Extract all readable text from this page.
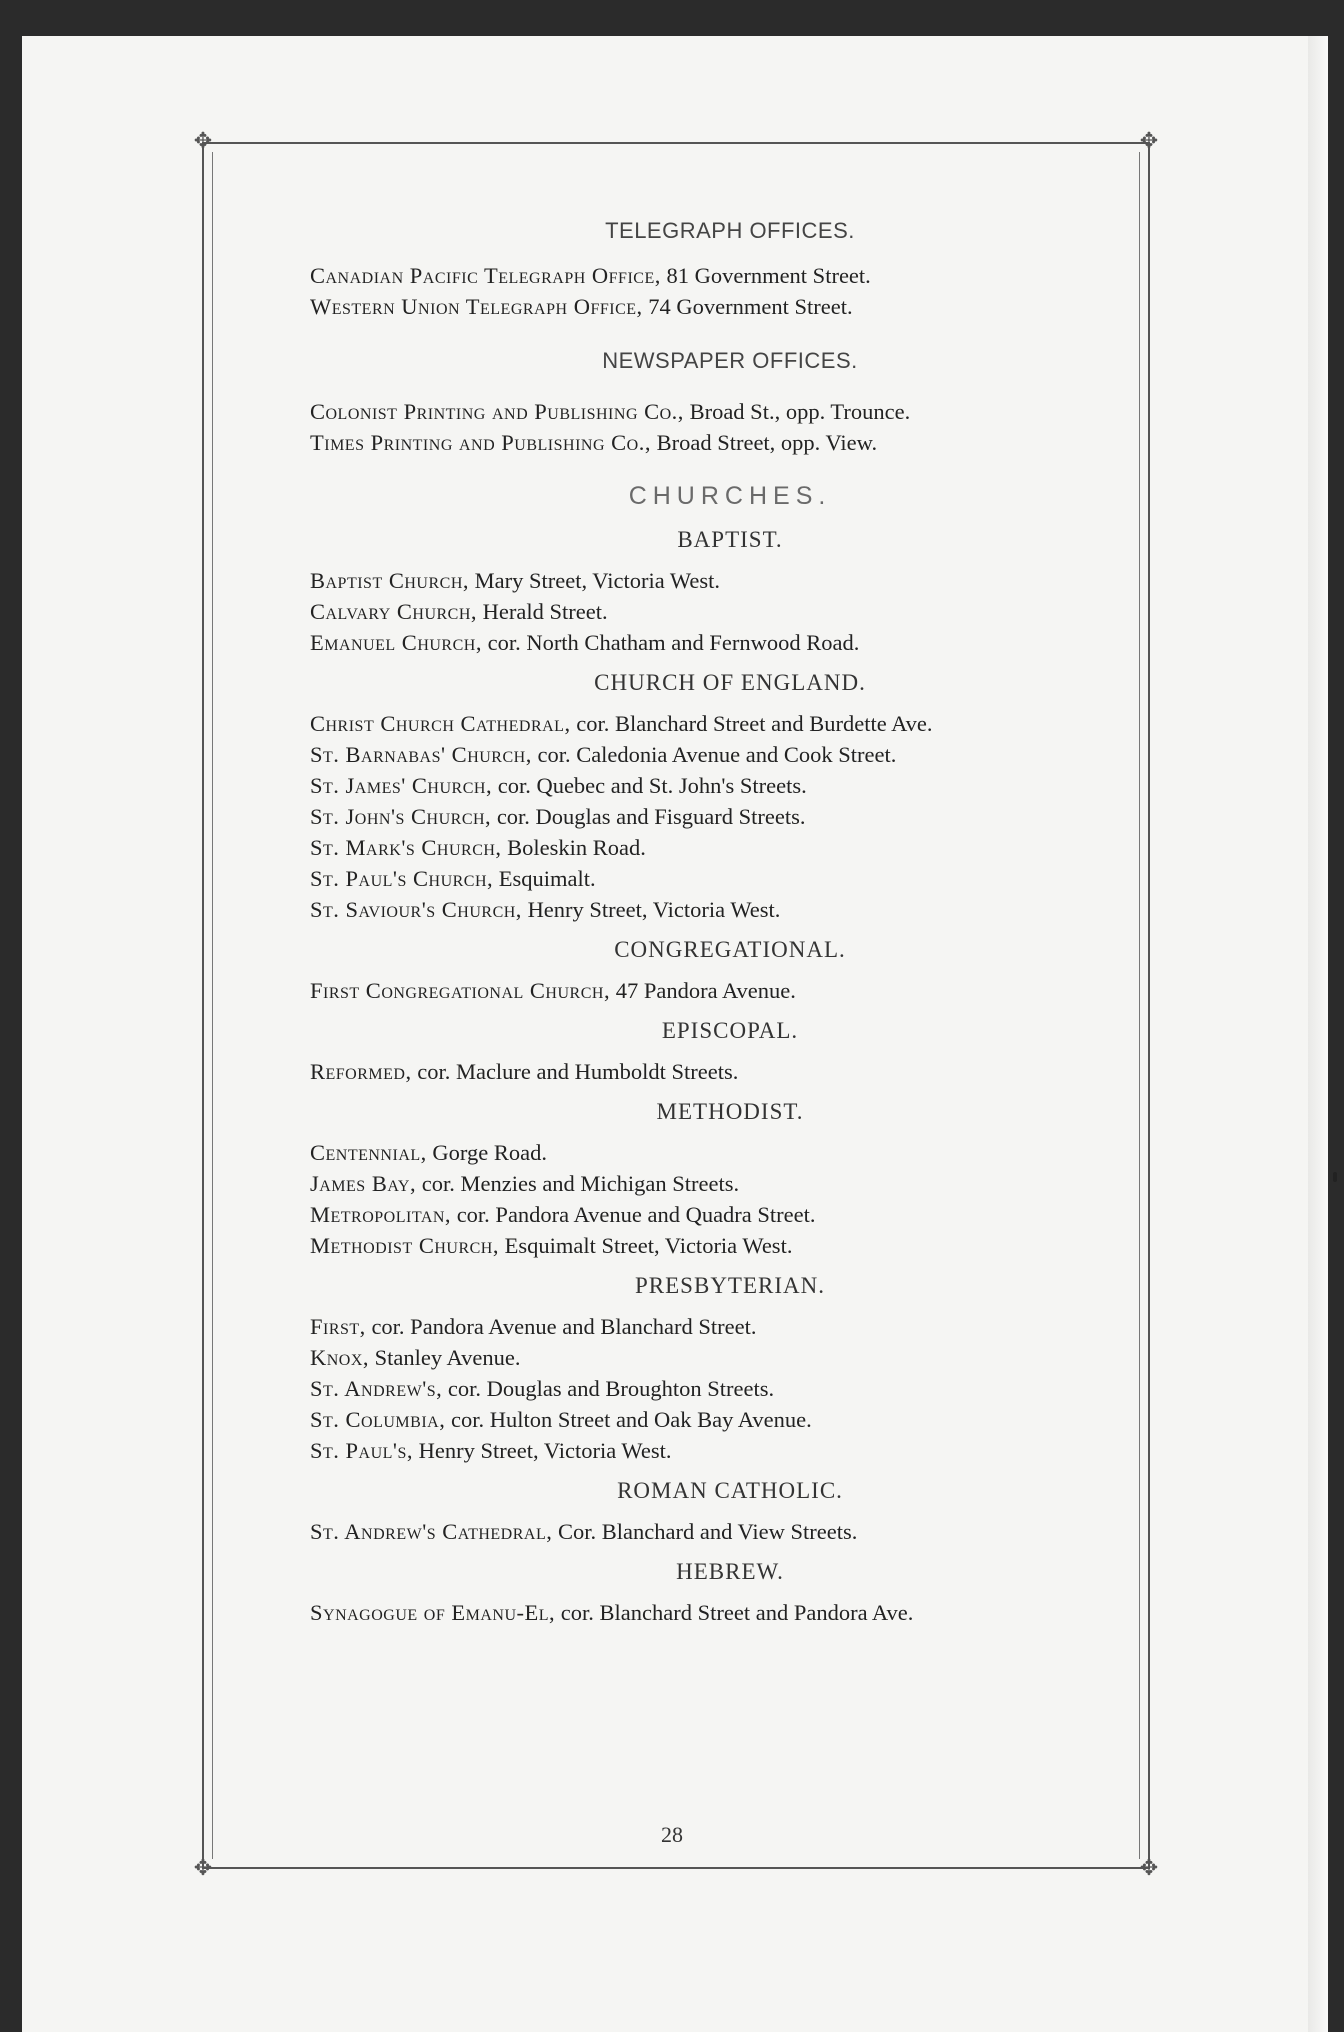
✥	✥
✥	✥

TELEGRAPH OFFICES.

Canadian Pacific Telegraph Office, 81 Government Street.
Western Union Telegraph Office, 74 Government Street.

NEWSPAPER OFFICES.

Colonist Printing and Publishing Co., Broad St., opp. Trounce.
Times Printing and Publishing Co., Broad Street, opp. View.

CHURCHES.

BAPTIST.

Baptist Church, Mary Street, Victoria West.
Calvary Church, Herald Street.
Emanuel Church, cor. North Chatham and Fernwood Road.

CHURCH OF ENGLAND.

Christ Church Cathedral, cor. Blanchard Street and Burdette Ave.
St. Barnabas' Church, cor. Caledonia Avenue and Cook Street.
St. James' Church, cor. Quebec and St. John's Streets.
St. John's Church, cor. Douglas and Fisguard Streets.
St. Mark's Church, Boleskin Road.
St. Paul's Church, Esquimalt.
St. Saviour's Church, Henry Street, Victoria West.

CONGREGATIONAL.

First Congregational Church, 47 Pandora Avenue.

EPISCOPAL.

Reformed, cor. Maclure and Humboldt Streets.

METHODIST.

Centennial, Gorge Road.
James Bay, cor. Menzies and Michigan Streets.
Metropolitan, cor. Pandora Avenue and Quadra Street.
Methodist Church, Esquimalt Street, Victoria West.

PRESBYTERIAN.

First, cor. Pandora Avenue and Blanchard Street.
Knox, Stanley Avenue.
St. Andrew's, cor. Douglas and Broughton Streets.
St. Columbia, cor. Hulton Street and Oak Bay Avenue.
St. Paul's, Henry Street, Victoria West.

ROMAN CATHOLIC.

St. Andrew's Cathedral, Cor. Blanchard and View Streets.

HEBREW.

Synagogue of Emanu-El, cor. Blanchard Street and Pandora Ave.
28
